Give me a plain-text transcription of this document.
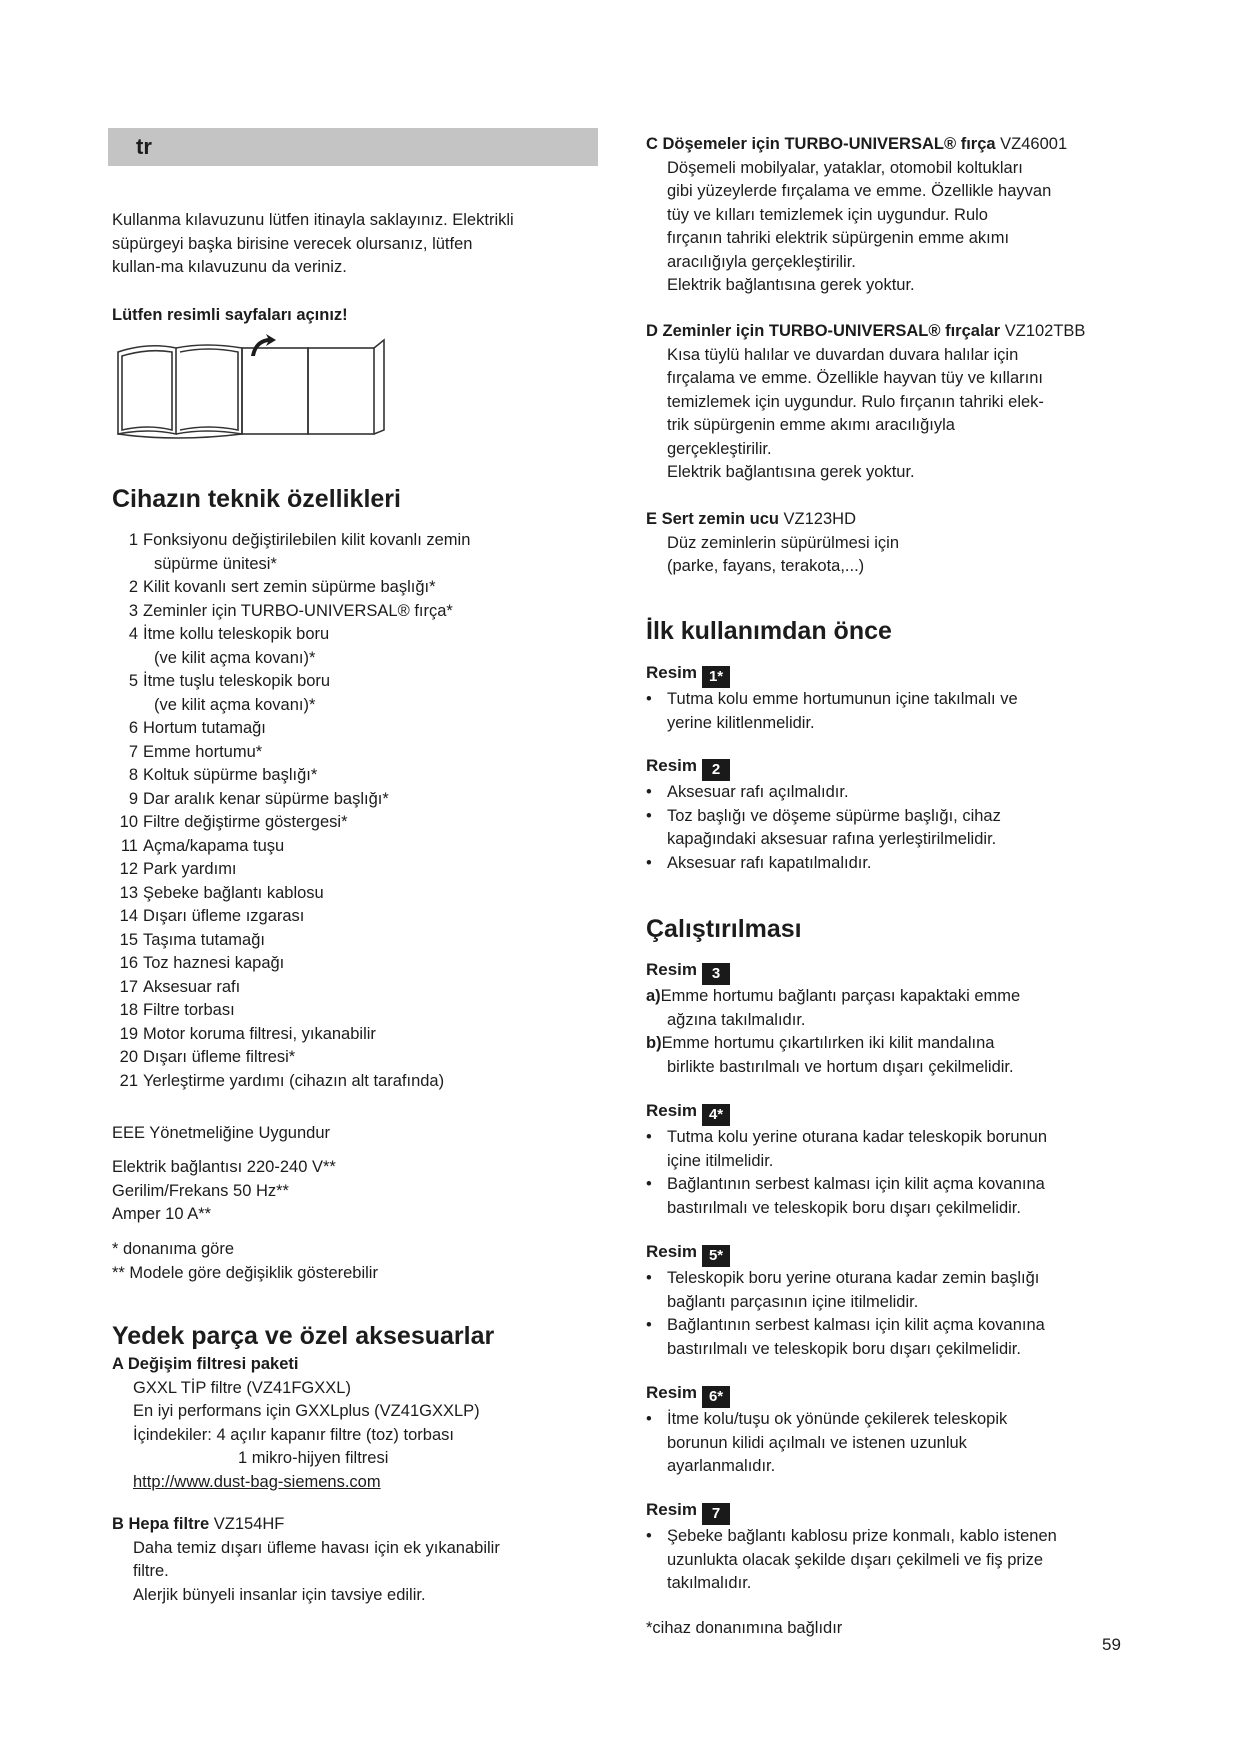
tr

Kullanma kılavuzunu lütfen itinayla saklayınız. Elektrikli

süpürgeyi başka birisine verecek olursanız, lütfen

kullan-ma kılavuzunu da veriniz.

Lütfen resimli sayfaları açınız!
Cihazın teknik özellikleri

1 Fonksiyonu değiştirilebilen kilit kovanlı zemin

süpürme ünitesi*

2 Kilit kovanlı sert zemin süpürme başlığı*

3 Zeminler için TURBO-UNIVERSAL® fırça*

4 İtme kollu teleskopik boru

(ve kilit açma kovanı)*

5 İtme tuşlu teleskopik boru

(ve kilit açma kovanı)*

6 Hortum tutamağı

7 Emme hortumu*

8 Koltuk süpürme başlığı*

9 Dar aralık kenar süpürme başlığı*

10 Filtre değiştirme göstergesi*

11 Açma/kapama tuşu

12 Park yardımı

13 Şebeke bağlantı kablosu

14 Dışarı üfleme ızgarası

15 Taşıma tutamağı

16 Toz haznesi kapağı

17 Aksesuar rafı

18 Filtre torbası

19 Motor koruma filtresi, yıkanabilir

20 Dışarı üfleme filtresi*

21 Yerleştirme yardımı (cihazın alt tarafında)

EEE Yönetmeliğine Uygundur

Elektrik bağlantısı 220-240 V**

Gerilim/Frekans 50 Hz**

Amper 10 A**

* donanıma göre

** Modele göre değişiklik gösterebilir

Yedek parça ve özel aksesuarlar

A Değişim filtresi paketi

GXXL TİP filtre (VZ41FGXXL)

En iyi performans için GXXLplus (VZ41GXXLP)

İçindekiler: 4 açılır kapanır filtre (toz) torbası

1 mikro-hijyen filtresi

http://www.dust-bag-siemens.com

B Hepa filtre VZ154HF

Daha temiz dışarı üfleme havası için ek yıkanabilir

filtre.

Alerjik bünyeli insanlar için tavsiye edilir.

C Döşemeler için TURBO-UNIVERSAL® fırça VZ46001

Döşemeli mobilyalar, yataklar, otomobil koltukları

gibi yüzeylerde fırçalama ve emme. Özellikle hayvan

tüy ve kılları temizlemek için uygundur. Rulo

fırçanın tahriki elektrik süpürgenin emme akımı

aracılığıyla gerçekleştirilir.

Elektrik bağlantısına gerek yoktur.

D Zeminler için TURBO-UNIVERSAL® fırçalar VZ102TBB

Kısa tüylü halılar ve duvardan duvara halılar için

fırçalama ve emme. Özellikle hayvan tüy ve kıllarını

temizlemek için uygundur. Rulo fırçanın tahriki elek-

trik süpürgenin emme akımı aracılığıyla

gerçekleştirilir.

Elektrik bağlantısına gerek yoktur.

E Sert zemin ucu VZ123HD

Düz zeminlerin süpürülmesi için

(parke, fayans, terakota,...)

İlk kullanımdan önce

Resim 1*

• Tutma kolu emme hortumunun içine takılmalı ve

yerine kilitlenmelidir.

Resim 2

• Aksesuar rafı açılmalıdır.

• Toz başlığı ve döşeme süpürme başlığı, cihaz

kapağındaki aksesuar rafına yerleştirilmelidir.

• Aksesuar rafı kapatılmalıdır.

Çalıştırılması

Resim 3

a)Emme hortumu bağlantı parçası kapaktaki emme

ağzına takılmalıdır.

b)Emme hortumu çıkartılırken iki kilit mandalına

birlikte bastırılmalı ve hortum dışarı çekilmelidir.

Resim 4*

• Tutma kolu yerine oturana kadar teleskopik borunun

içine itilmelidir.

• Bağlantının serbest kalması için kilit açma kovanına

bastırılmalı ve teleskopik boru dışarı çekilmelidir.

Resim 5*

• Teleskopik boru yerine oturana kadar zemin başlığı

bağlantı parçasının içine itilmelidir.

• Bağlantının serbest kalması için kilit açma kovanına

bastırılmalı ve teleskopik boru dışarı çekilmelidir.

Resim 6*

• İtme kolu/tuşu ok yönünde çekilerek teleskopik

borunun kilidi açılmalı ve istenen uzunluk

ayarlanmalıdır.

Resim 7

• Şebeke bağlantı kablosu prize konmalı, kablo istenen

uzunlukta olacak şekilde dışarı çekilmeli ve fiş prize

takılmalıdır.

*cihaz donanımına bağlıdır
59
